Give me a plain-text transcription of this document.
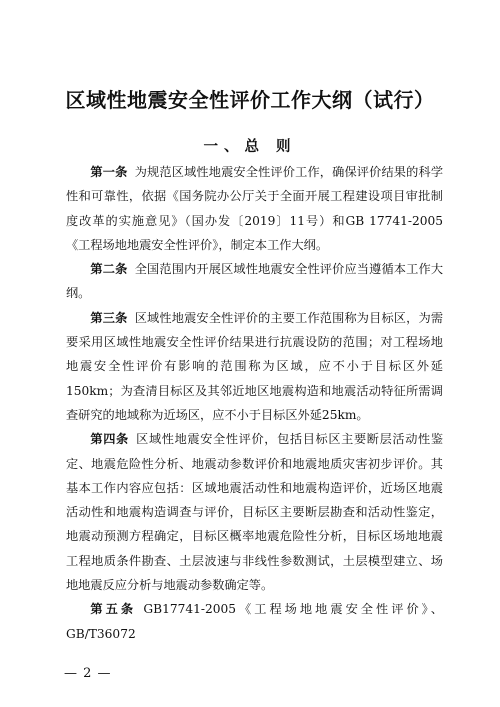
区域性地震安全性评价工作大纲（试行）
一、总 则

第一条 为规范区域性地震安全性评价工作，确保评价结果的科学性和可靠性，依据《国务院办公厅关于全面开展工程建设项目审批制度改革的实施意见》（国办发〔2019〕11号）和GB 17741-2005《工程场地地震安全性评价》，制定本工作大纲。

第二条 全国范围内开展区域性地震安全性评价应当遵循本工作大纲。

第三条 区域性地震安全性评价的主要工作范围称为目标区，为需要采用区域性地震安全性评价结果进行抗震设防的范围；对工程场地地震安全性评价有影响的范围称为区域，应不小于目标区外延150km；为查清目标区及其邻近地区地震构造和地震活动特征所需调查研究的地域称为近场区，应不小于目标区外延25km。

第四条 区域性地震安全性评价，包括目标区主要断层活动性鉴定、地震危险性分析、地震动参数评价和地震地质灾害初步评价。其基本工作内容应包括：区域地震活动性和地震构造评价，近场区地震活动性和地震构造调查与评价，目标区主要断层勘查和活动性鉴定，地震动预测方程确定，目标区概率地震危险性分析，目标区场地地震工程地质条件勘查、土层波速与非线性参数测试，土层模型建立、场地地震反应分析与地震动参数确定等。

第五条 GB17741-2005《工程场地地震安全性评价》、GB/T36072

— 2 —
